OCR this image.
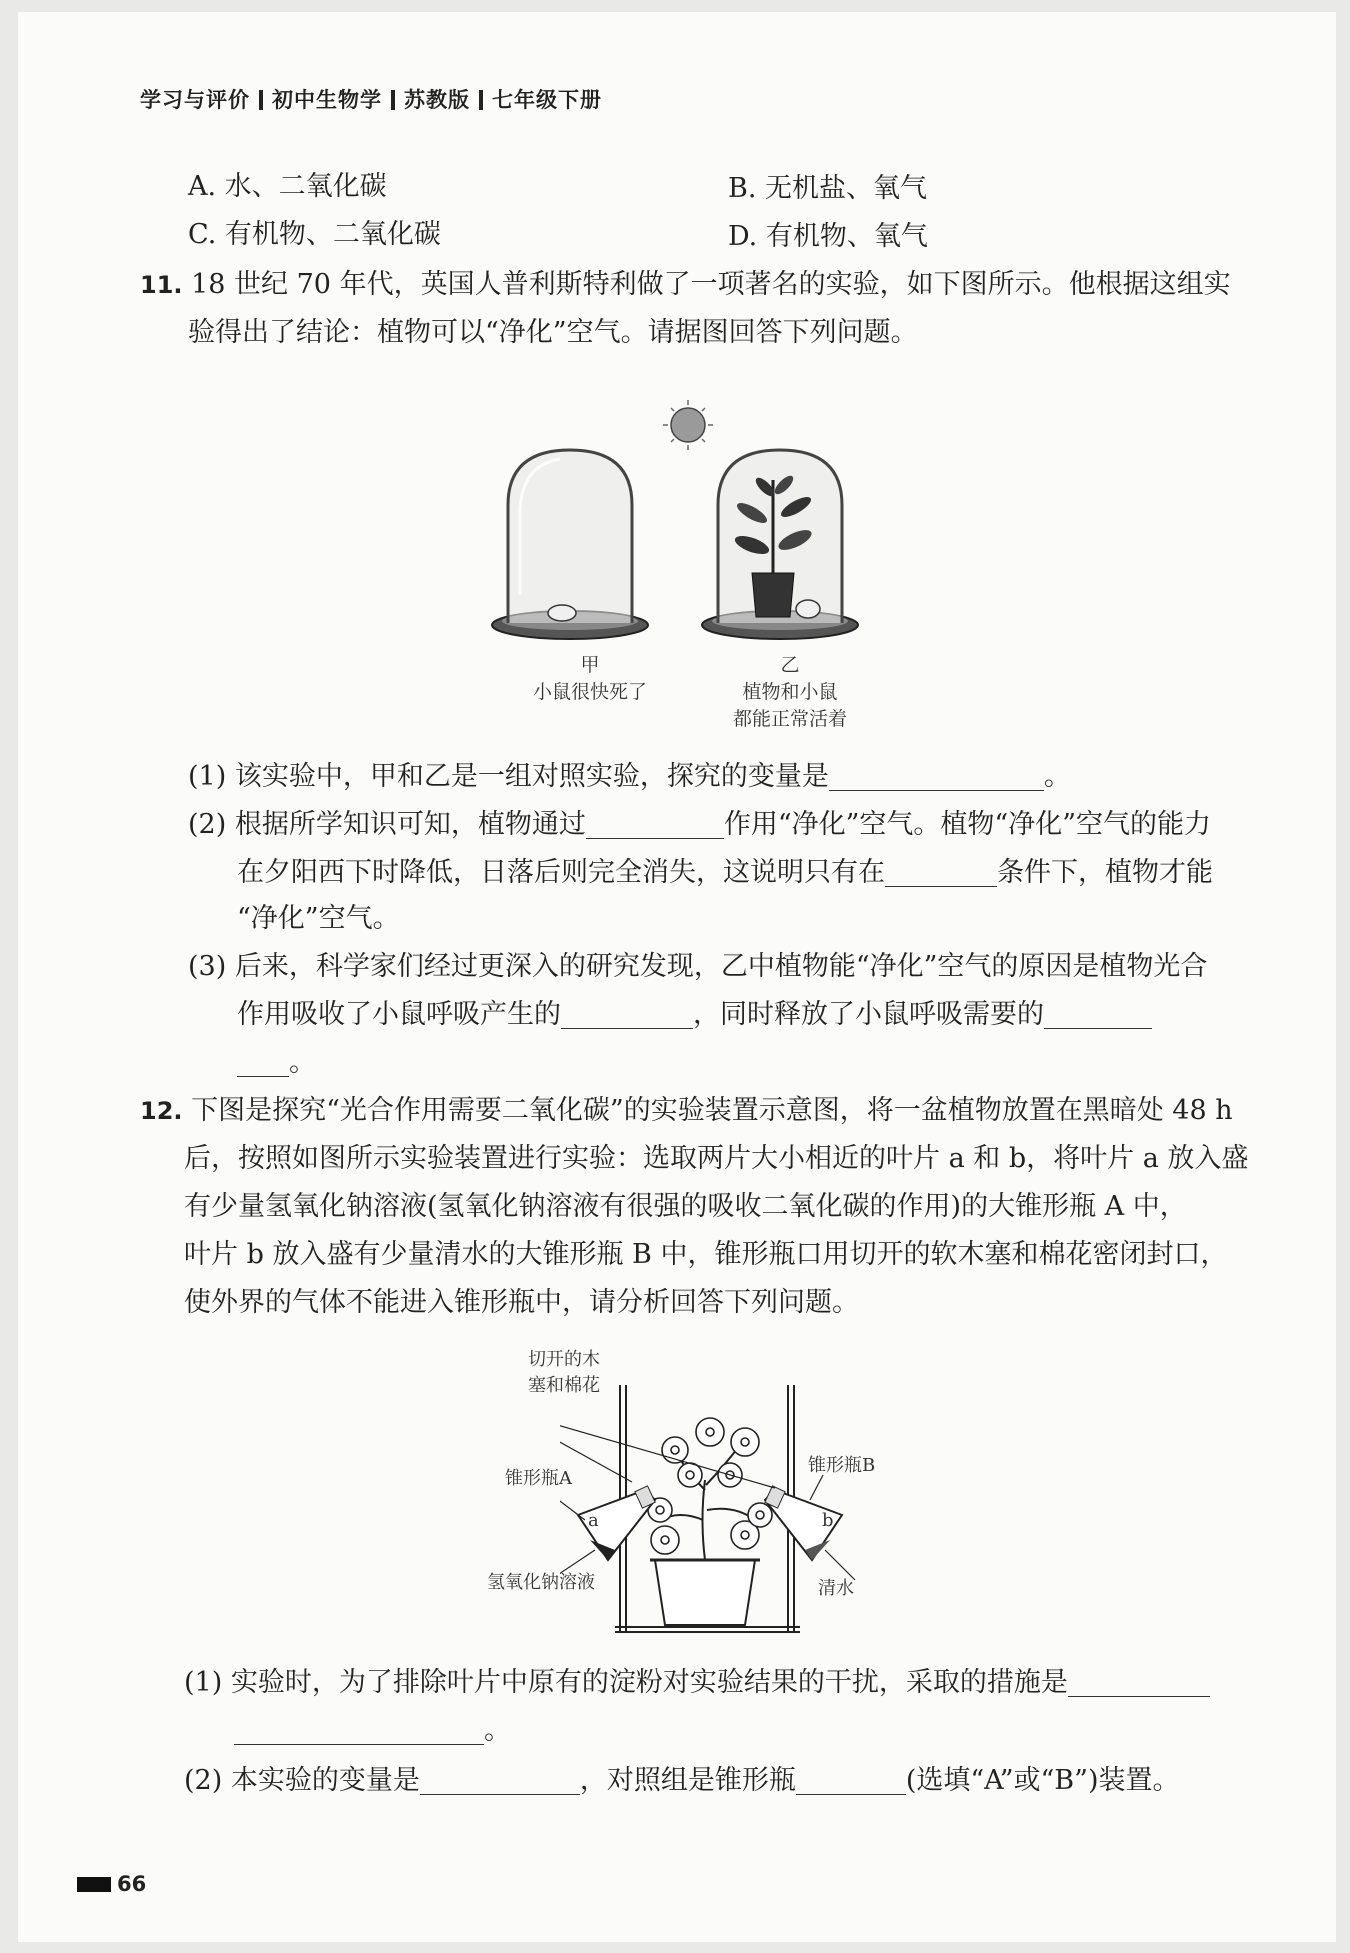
学习与评价 初中生物学 苏教版 七年级下册
A. 水、二氧化碳	B. 无机盐、氧气
C. 有机物、二氧化碳	D. 有机物、氧气
11. 18 世纪 70 年代，英国人普利斯特利做了一项著名的实验，如下图所示。他根据这组实
验得出了结论：植物可以“净化”空气。请据图回答下列问题。
甲
小鼠很快死了
乙
植物和小鼠
都能正常活着
(1) 该实验中，甲和乙是一组对照实验，探究的变量是	。
(2) 根据所学知识可知，植物通过	作用“净化”空气。植物“净化”空气的能力
在夕阳西下时降低，日落后则完全消失，这说明只有在	条件下，植物才能
“净化”空气。
(3) 后来，科学家们经过更深入的研究发现，乙中植物能“净化”空气的原因是植物光合
作用吸收了小鼠呼吸产生的	，同时释放了小鼠呼吸需要的
。
12. 下图是探究“光合作用需要二氧化碳”的实验装置示意图，将一盆植物放置在黑暗处 48 h
后，按照如图所示实验装置进行实验：选取两片大小相近的叶片 a 和 b，将叶片 a 放入盛
有少量氢氧化钠溶液(氢氧化钠溶液有很强的吸收二氧化碳的作用)的大锥形瓶 A 中，
叶片 b 放入盛有少量清水的大锥形瓶 B 中，锥形瓶口用切开的软木塞和棉花密闭封口，
使外界的气体不能进入锥形瓶中，请分析回答下列问题。
切开的木
塞和棉花
锥形瓶A
锥形瓶B
a	b
氢氧化钠溶液	清水
(1) 实验时，为了排除叶片中原有的淀粉对实验结果的干扰，采取的措施是
。
(2) 本实验的变量是	，对照组是锥形瓶	(选填“A”或“B”)装置。
66
